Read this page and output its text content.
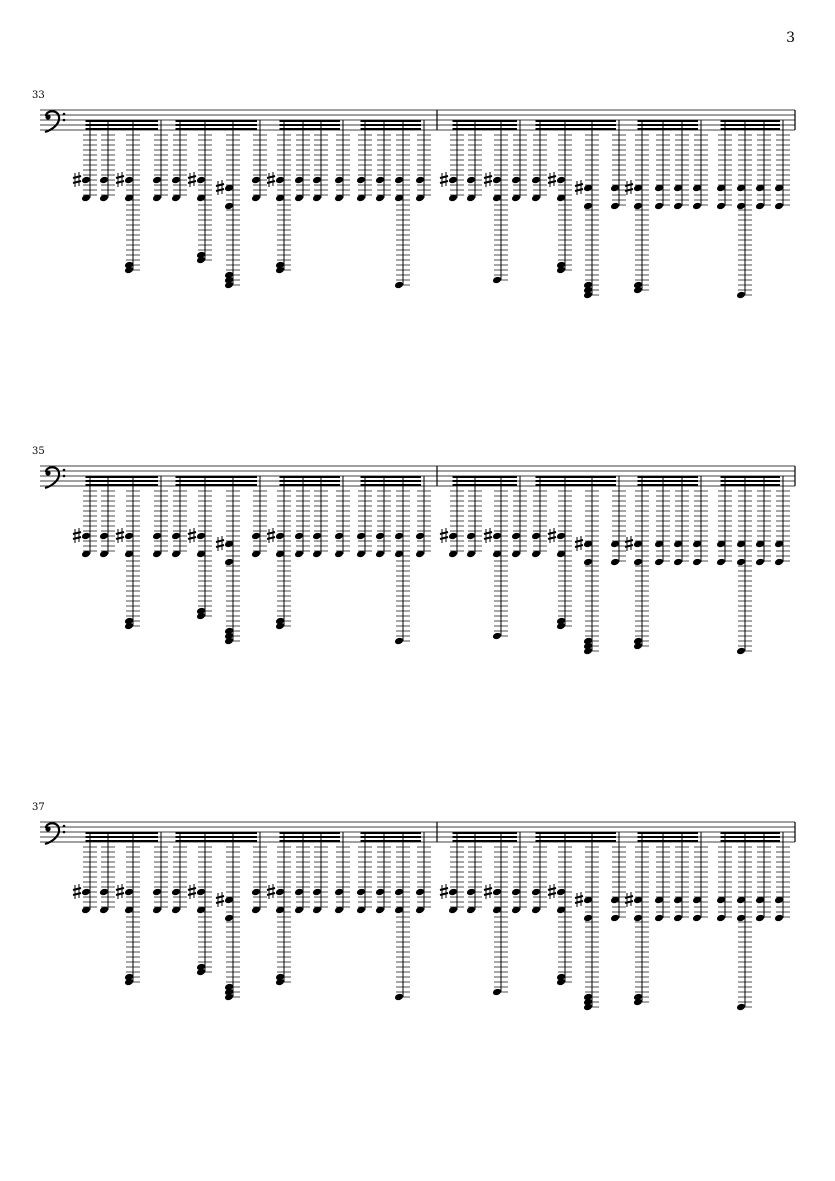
3
33
35
37
